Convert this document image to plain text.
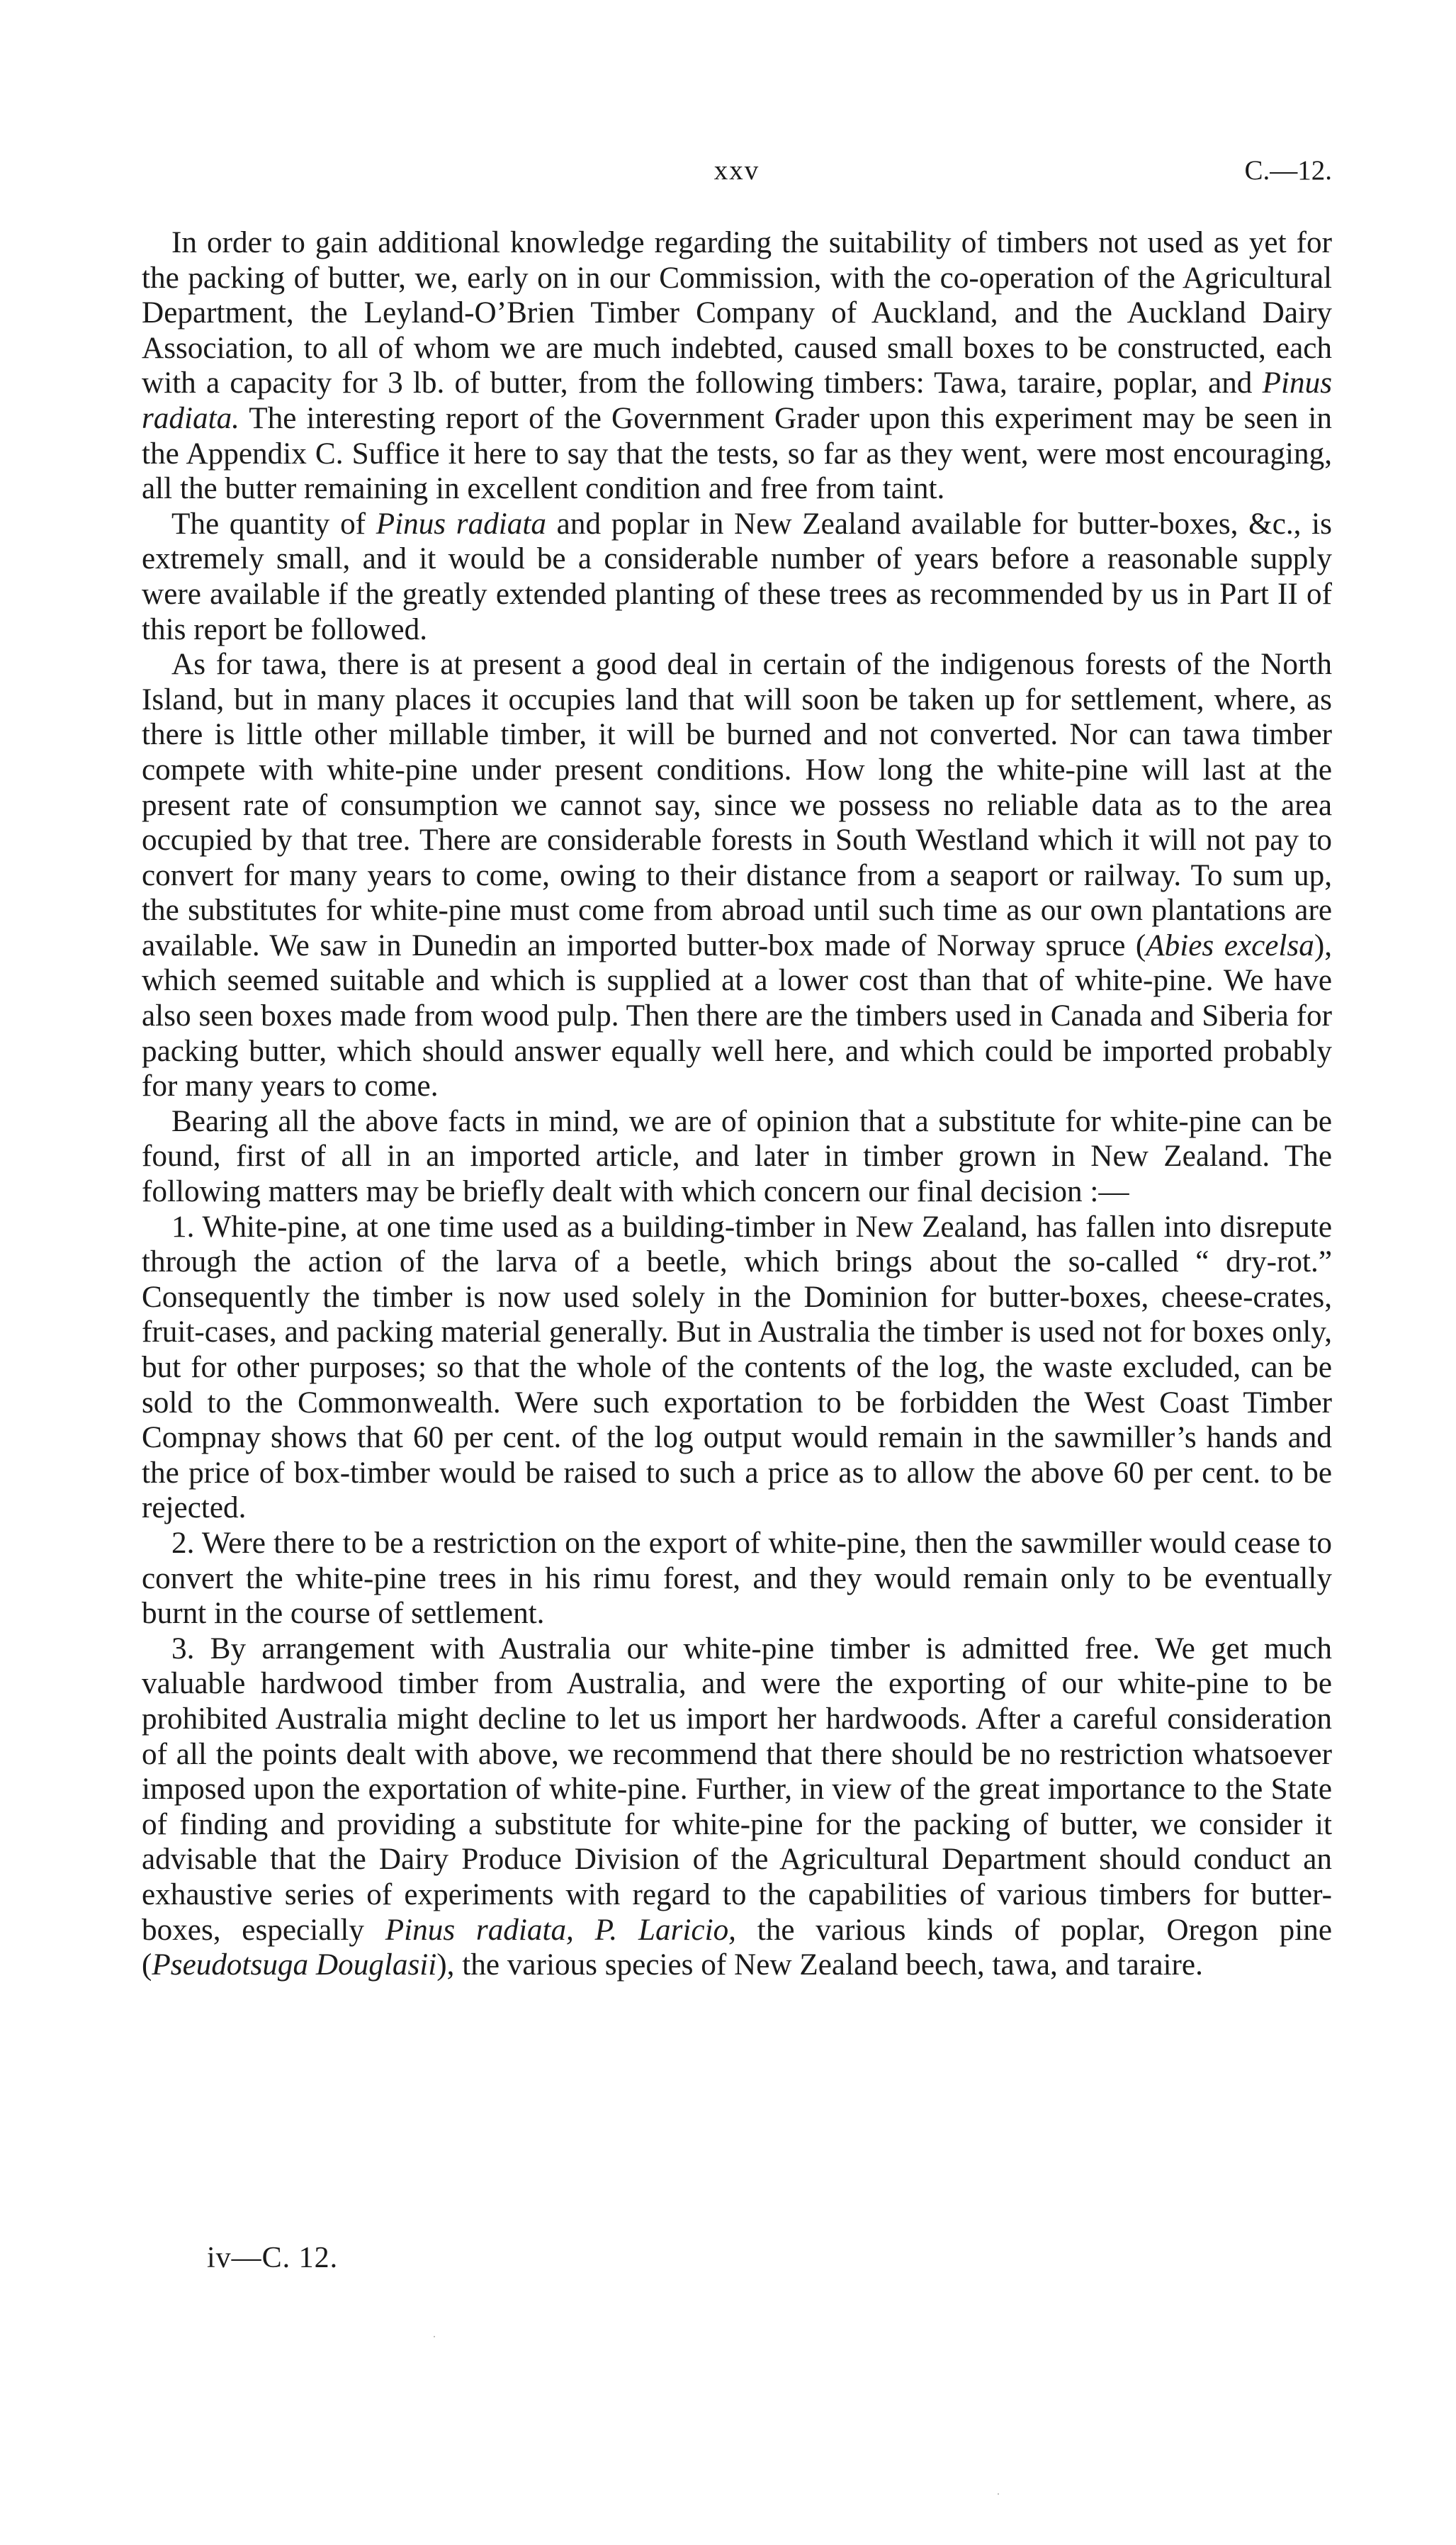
xxv	C.—12.

In order to gain additional knowledge regarding the suitability of timbers not used as yet for the packing of butter, we, early on in our Commission, with the co-operation of the Agricultural Department, the Leyland-O’Brien Timber Company of Auckland, and the Auckland Dairy Association, to all of whom we are much indebted, caused small boxes to be constructed, each with a capacity for 3 lb. of butter, from the following timbers: Tawa, taraire, poplar, and Pinus radiata. The interesting report of the Government Grader upon this experiment may be seen in the Appendix C. Suffice it here to say that the tests, so far as they went, were most encouraging, all the butter remaining in excellent condition and free from taint.

The quantity of Pinus radiata and poplar in New Zealand available for butter-boxes, &c., is extremely small, and it would be a considerable number of years before a reasonable supply were available if the greatly extended planting of these trees as recommended by us in Part II of this report be followed.

As for tawa, there is at present a good deal in certain of the indigenous forests of the North Island, but in many places it occupies land that will soon be taken up for settlement, where, as there is little other millable timber, it will be burned and not converted. Nor can tawa timber compete with white-pine under present conditions. How long the white-pine will last at the present rate of consumption we cannot say, since we possess no reliable data as to the area occupied by that tree. There are considerable forests in South Westland which it will not pay to convert for many years to come, owing to their distance from a seaport or railway. To sum up, the substitutes for white-pine must come from abroad until such time as our own plantations are available. We saw in Dunedin an imported butter-box made of Norway spruce (Abies excelsa), which seemed suitable and which is supplied at a lower cost than that of white-pine. We have also seen boxes made from wood pulp. Then there are the timbers used in Canada and Siberia for packing butter, which should answer equally well here, and which could be imported probably for many years to come.

Bearing all the above facts in mind, we are of opinion that a substitute for white-pine can be found, first of all in an imported article, and later in timber grown in New Zealand. The following matters may be briefly dealt with which concern our final decision :—

1. White-pine, at one time used as a building-timber in New Zealand, has fallen into disrepute through the action of the larva of a beetle, which brings about the so-called “ dry-rot.” Consequently the timber is now used solely in the Dominion for butter-boxes, cheese-crates, fruit-cases, and packing material generally. But in Australia the timber is used not for boxes only, but for other purposes; so that the whole of the contents of the log, the waste excluded, can be sold to the Commonwealth. Were such exportation to be forbidden the West Coast Timber Compnay shows that 60 per cent. of the log output would remain in the sawmiller’s hands and the price of box-timber would be raised to such a price as to allow the above 60 per cent. to be rejected.

2. Were there to be a restriction on the export of white-pine, then the sawmiller would cease to convert the white-pine trees in his rimu forest, and they would remain only to be eventually burnt in the course of settlement.

3. By arrangement with Australia our white-pine timber is admitted free. We get much valuable hardwood timber from Australia, and were the exporting of our white-pine to be prohibited Australia might decline to let us import her hardwoods. After a careful consideration of all the points dealt with above, we recommend that there should be no restriction whatsoever imposed upon the exportation of white-pine. Further, in view of the great importance to the State of finding and providing a substitute for white-pine for the packing of butter, we consider it advisable that the Dairy Produce Division of the Agricultural Department should conduct an exhaustive series of experiments with regard to the capabilities of various timbers for butter-boxes, especially Pinus radiata, P. Laricio, the various kinds of poplar, Oregon pine (Pseudotsuga Douglasii), the various species of New Zealand beech, tawa, and taraire.

iv—C. 12.
